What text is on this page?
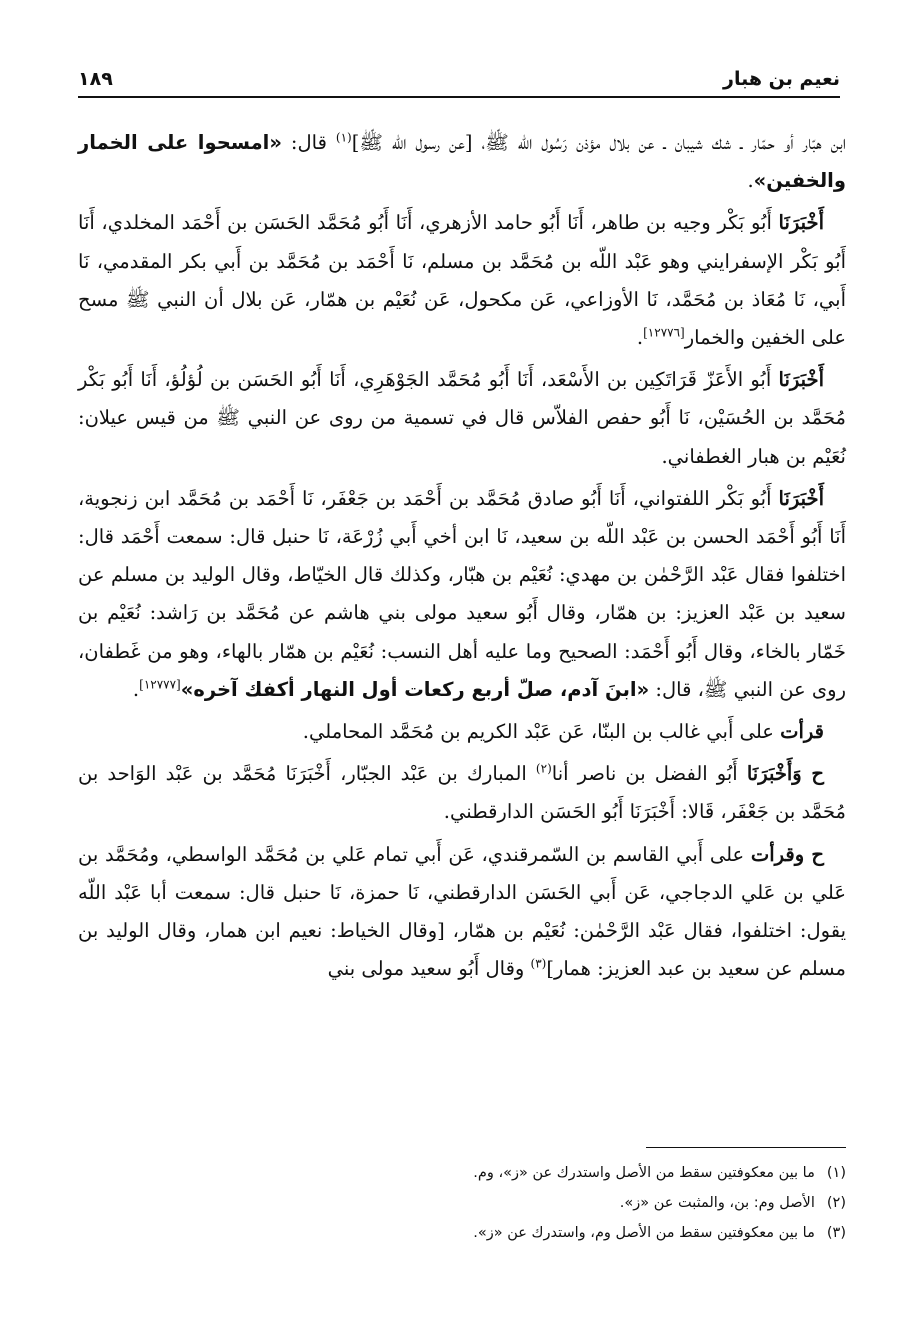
نعيم بن هبار
١٨٩

ابن هبّار أو حمّار ـ شك شيبان ـ عن بلال مؤذن رَسُول الله ﷺ، [عن رسول الله ﷺ]$^{(١)}$ قال: «امسحوا على الخمار والخفين».

أَخْبَرَنَا أَبُو بَكْر وجيه بن طاهر، أَنَا أَبُو حامد الأزهري، أَنَا أَبُو مُحَمَّد الحَسَن بن أَحْمَد المخلدي، أَنَا أَبُو بَكْر الإسفرايني وهو عَبْد اللّه بن مُحَمَّد بن مسلم، نَا أَحْمَد بن مُحَمَّد بن أَبي بكر المقدمي، نَا أَبي، نَا مُعَاذ بن مُحَمَّد، نَا الأوزاعي، عَن مكحول، عَن نُعَيْم بن همّار، عَن بلال أن النبي ﷺ مسح على الخفين والخمار[١٢٧٧٦].

أَخْبَرَنَا أَبُو الأَعَزّ قَرَاتَكِين بن الأَسْعَد، أَنَا أَبُو مُحَمَّد الجَوْهَرِي، أَنَا أَبُو الحَسَن بن لُؤلُؤ، أَنَا أَبُو بَكْر مُحَمَّد بن الحُسَيْن، نَا أَبُو حفص الفلاّس قال في تسمية من روى عن النبي ﷺ من قيس عيلان: نُعَيْم بن هبار الغطفاني.

أَخْبَرَنَا أَبُو بَكْر اللفتواني، أَنَا أَبُو صادق مُحَمَّد بن أَحْمَد بن جَعْفَر، نَا أَحْمَد بن مُحَمَّد ابن زنجوية، أَنَا أَبُو أَحْمَد الحسن بن عَبْد اللّه بن سعيد، نَا ابن أخي أَبي زُرْعَة، نَا حنبل قال: سمعت أَحْمَد قال: اختلفوا فقال عَبْد الرَّحْمٰن بن مهدي: نُعَيْم بن هبّار، وكذلك قال الخيّاط، وقال الوليد بن مسلم عن سعيد بن عَبْد العزيز: بن همّار، وقال أَبُو سعيد مولى بني هاشم عن مُحَمَّد بن رَاشد: نُعَيْم بن خَمّار بالخاء، وقال أَبُو أَحْمَد: الصحيح وما عليه أهل النسب: نُعَيْم بن همّار بالهاء، وهو من غَطفان، روى عن النبي ﷺ، قال: «ابنَ آدم، صلّ أربع ركعات أول النهار أكفك آخره»[١٢٧٧٧].

قرأت على أَبي غالب بن البنّا، عَن عَبْد الكريم بن مُحَمَّد المحاملي.

ح وَأَخْبَرَنَا أَبُو الفضل بن ناصر أنا$^{(٢)}$ المبارك بن عَبْد الجبّار، أَخْبَرَنَا مُحَمَّد بن عَبْد الوَاحد بن مُحَمَّد بن جَعْفَر، قَالا: أَخْبَرَنَا أَبُو الحَسَن الدارقطني.

ح وقرأت على أَبي القاسم بن السّمرقندي، عَن أَبي تمام عَلي بن مُحَمَّد الواسطي، ومُحَمَّد بن عَلي بن عَلي الدجاجي، عَن أَبي الحَسَن الدارقطني، نَا حمزة، نَا حنبل قال: سمعت أبا عَبْد اللّه يقول: اختلفوا، فقال عَبْد الرَّحْمٰن: نُعَيْم بن همّار، [وقال الخياط: نعيم ابن همار، وقال الوليد بن مسلم عن سعيد بن عبد العزيز: همار]$^{(٣)}$ وقال أَبُو سعيد مولى بني

(١)ما بين معكوفتين سقط من الأصل واستدرك عن «ز»، وم.
(٢)الأصل وم: بن، والمثبت عن «ز».
(٣)ما بين معكوفتين سقط من الأصل وم، واستدرك عن «ز».
